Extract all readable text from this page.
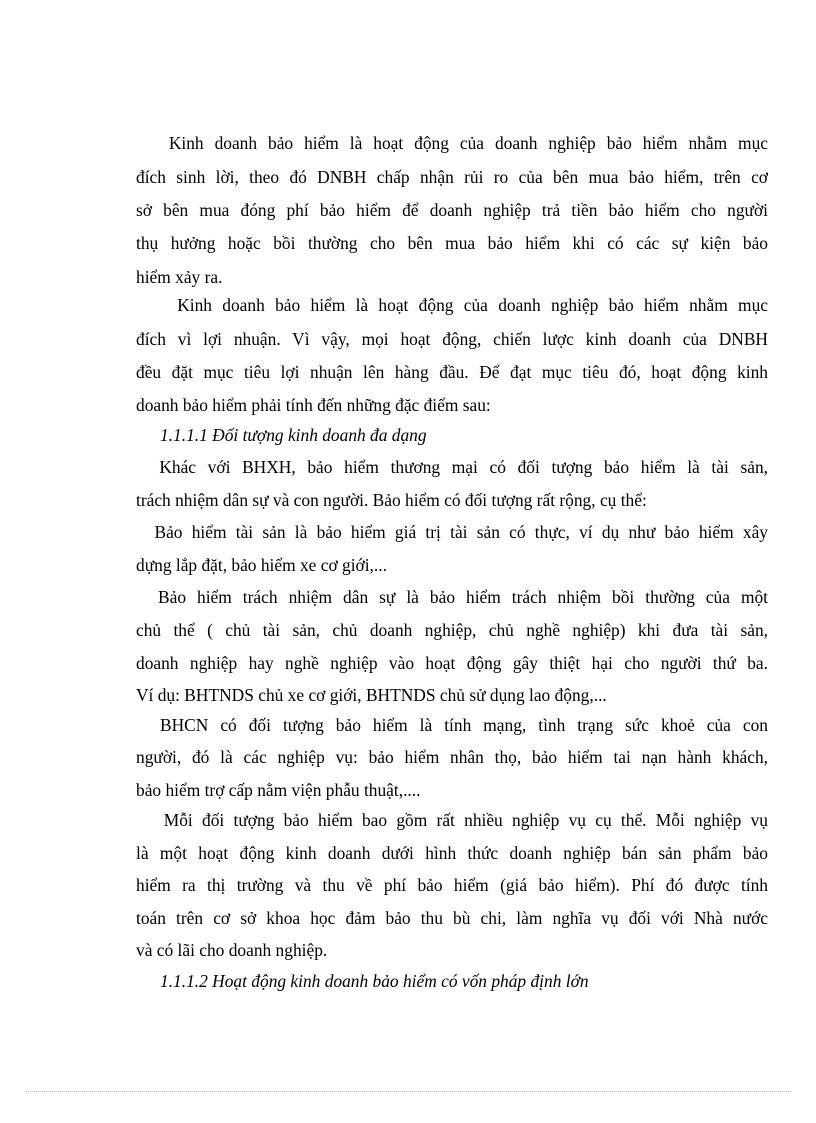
Kinh doanh bảo hiểm là hoạt động của doanh nghiệp bảo hiểm nhằm mục
đích sinh lời, theo đó DNBH chấp nhận rủi ro của bên mua bảo hiểm, trên cơ
sở bên mua đóng phí bảo hiểm để doanh nghiệp trả tiền bảo hiểm cho người
thụ hưởng hoặc bồi thường cho bên mua bảo hiểm khi có các sự kiện bảo
hiểm xảy ra.
Kinh doanh bảo hiểm là hoạt động của doanh nghiệp bảo hiểm nhằm mục
đích vì lợi nhuận. Vì vậy, mọi hoạt động, chiến lược kinh doanh của DNBH
đều đặt mục tiêu lợi nhuận lên hàng đầu. Để đạt mục tiêu đó, hoạt động kinh
doanh bảo hiểm phải tính đến những đặc điểm sau:
1.1.1.1 Đối tượng kinh doanh đa dạng
Khác với BHXH, bảo hiểm thương mại có đối tượng bảo hiểm là tài sản,
trách nhiệm dân sự và con người. Bảo hiểm có đối tượng rất rộng, cụ thể:
Bảo hiểm tài sản là bảo hiểm giá trị tài sản có thực, ví dụ như bảo hiểm xây
dựng lắp đặt, bảo hiểm xe cơ giới,...
Bảo hiểm trách nhiệm dân sự là bảo hiểm trách nhiệm bồi thường của một
chủ thể ( chủ tài sản, chủ doanh nghiệp, chủ nghề nghiệp) khi đưa tài sản,
doanh nghiệp hay nghề nghiệp vào hoạt động gây thiệt hại cho người thứ ba.
Ví dụ: BHTNDS chủ xe cơ giới, BHTNDS chủ sử dụng lao động,...
BHCN có đối tượng bảo hiểm là tính mạng, tình trạng sức khoẻ của con
người, đó là các nghiệp vụ: bảo hiểm nhân thọ, bảo hiểm tai nạn hành khách,
bảo hiểm trợ cấp nằm viện phẫu thuật,....
Mỗi đối tượng bảo hiểm bao gồm rất nhiều nghiệp vụ cụ thể. Mỗi nghiệp vụ
là một hoạt động kinh doanh dưới hình thức doanh nghiệp bán sản phẩm bảo
hiểm ra thị trường và thu về phí bảo hiểm (giá bảo hiểm). Phí đó được tính
toán trên cơ sở khoa học đảm bảo thu bù chi, làm nghĩa vụ đối với Nhà nước
và có lãi cho doanh nghiệp.
1.1.1.2 Hoạt động kinh doanh bảo hiểm có vốn pháp định lớn
